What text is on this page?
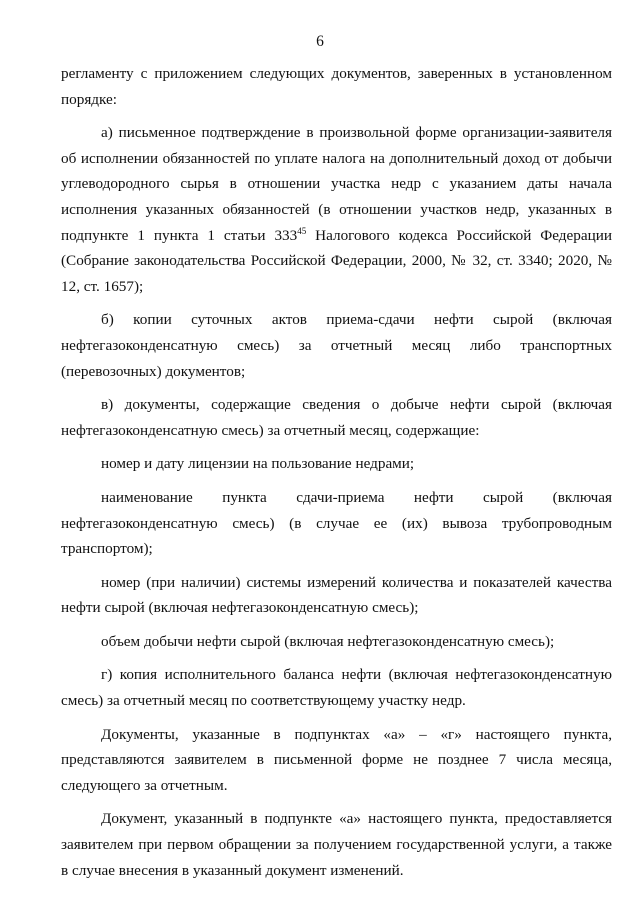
6

регламенту с приложением следующих документов, заверенных в установленном порядке:

а) письменное подтверждение в произвольной форме организации-заявителя об исполнении обязанностей по уплате налога на дополнительный доход от добычи углеводородного сырья в отношении участка недр с указанием даты начала исполнения указанных обязанностей (в отношении участков недр, указанных в подпункте 1 пункта 1 статьи $333^{45}$ Налогового кодекса Российской Федерации (Собрание законодательства Российской Федерации, 2000, № 32, ст. 3340; 2020, № 12, ст. 1657);

б) копии суточных актов приема-сдачи нефти сырой (включая нефтегазоконденсатную смесь) за отчетный месяц либо транспортных (перевозочных) документов;

в) документы, содержащие сведения о добыче нефти сырой (включая нефтегазоконденсатную смесь) за отчетный месяц, содержащие:

номер и дату лицензии на пользование недрами;

наименование пункта сдачи-приема нефти сырой (включая нефтегазоконденсатную смесь) (в случае ее (их) вывоза трубопроводным транспортом);

номер (при наличии) системы измерений количества и показателей качества нефти сырой (включая нефтегазоконденсатную смесь);

объем добычи нефти сырой (включая нефтегазоконденсатную смесь);

г) копия исполнительного баланса нефти (включая нефтегазоконденсатную смесь) за отчетный месяц по соответствующему участку недр.

Документы, указанные в подпунктах «а» – «г» настоящего пункта, представляются заявителем в письменной форме не позднее 7 числа месяца, следующего за отчетным.

Документ, указанный в подпункте «а» настоящего пункта, предоставляется заявителем при первом обращении за получением государственной услуги, а также в случае внесения в указанный документ изменений.
